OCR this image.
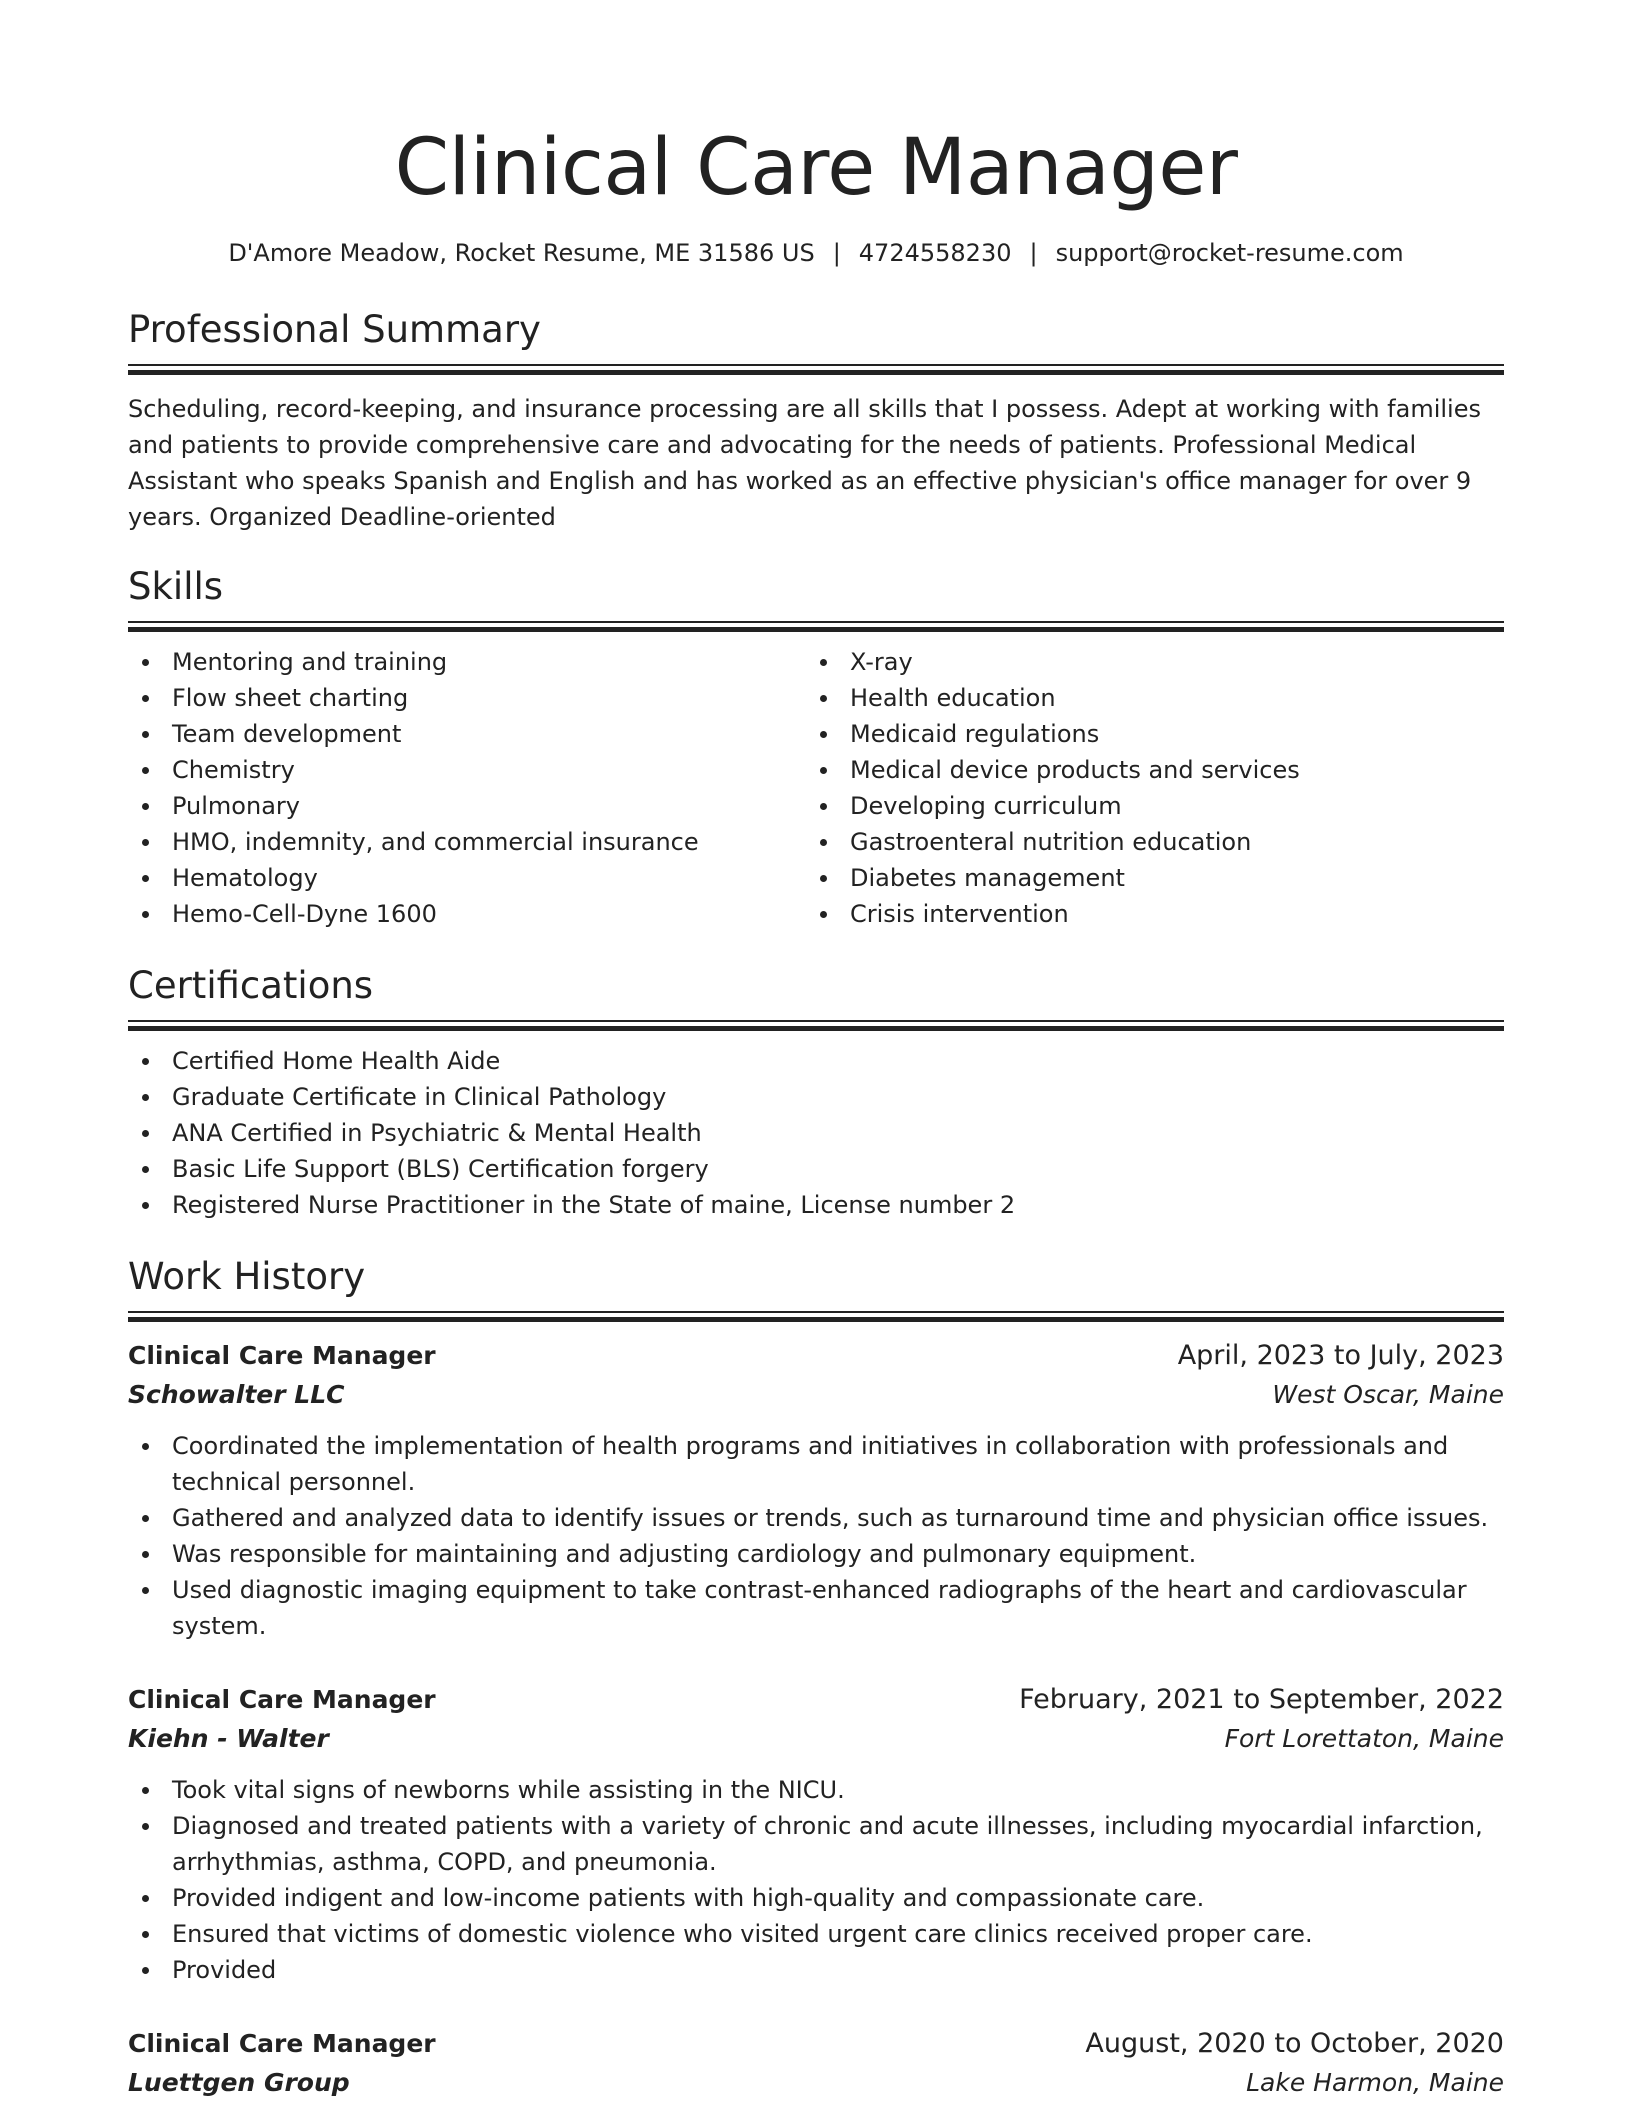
Clinical Care Manager
D'Amore Meadow, Rocket Resume, ME 31586 US | 4724558230 | support@rocket-resume.com
Professional Summary

Scheduling, record-keeping, and insurance processing are all skills that I possess. Adept at working with families and patients to provide comprehensive care and advocating for the needs of patients. Professional Medical Assistant who speaks Spanish and English and has worked as an effective physician's office manager for over 9 years. Organized Deadline-oriented

Skills
Mentoring and training
Flow sheet charting
Team development
Chemistry
Pulmonary
HMO, indemnity, and commercial insurance
Hematology
Hemo-Cell-Dyne 1600
X-ray
Health education
Medicaid regulations
Medical device products and services
Developing curriculum
Gastroenteral nutrition education
Diabetes management
Crisis intervention
Certifications
Certified Home Health Aide
Graduate Certificate in Clinical Pathology
ANA Certified in Psychiatric & Mental Health
Basic Life Support (BLS) Certification forgery
Registered Nurse Practitioner in the State of maine, License number 2
Work History
Clinical Care Manager	April, 2023 to July, 2023
Schowalter LLC	West Oscar, Maine
Coordinated the implementation of health programs and initiatives in collaboration with professionals and technical personnel.
Gathered and analyzed data to identify issues or trends, such as turnaround time and physician office issues.
Was responsible for maintaining and adjusting cardiology and pulmonary equipment.
Used diagnostic imaging equipment to take contrast-enhanced radiographs of the heart and cardiovascular system.
Clinical Care Manager	February, 2021 to September, 2022
Kiehn - Walter	Fort Lorettaton, Maine
Took vital signs of newborns while assisting in the NICU.
Diagnosed and treated patients with a variety of chronic and acute illnesses, including myocardial infarction, arrhythmias, asthma, COPD, and pneumonia.
Provided indigent and low-income patients with high-quality and compassionate care.
Ensured that victims of domestic violence who visited urgent care clinics received proper care.
Provided
Clinical Care Manager	August, 2020 to October, 2020
Luettgen Group	Lake Harmon, Maine
